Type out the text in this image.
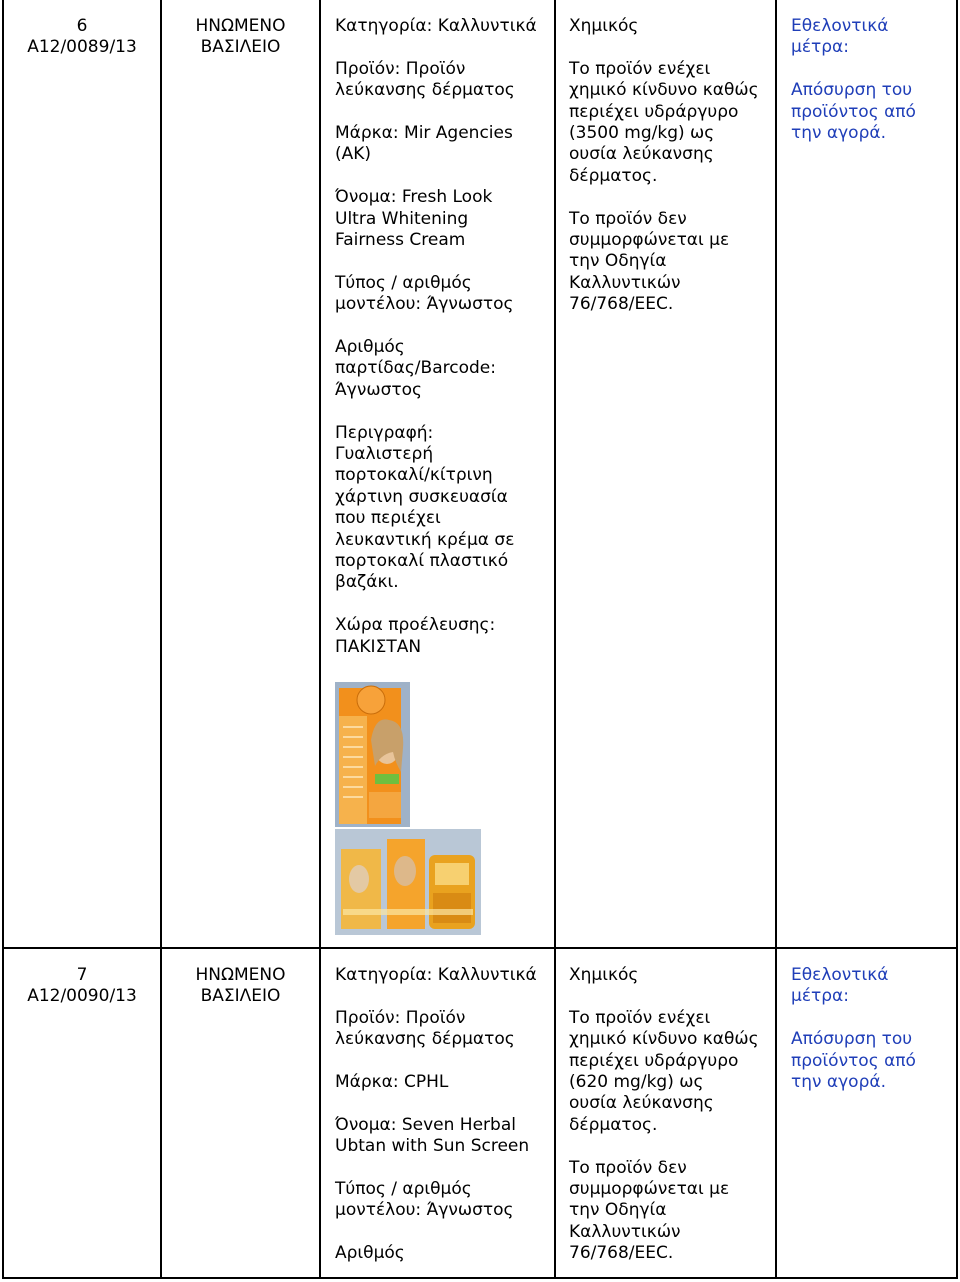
6
A12/0089/13
ΗΝΩΜΕΝΟ
ΒΑΣΙΛΕΙΟ
Κατηγορία: Καλλυντικά
Προϊόν: Προϊόν
λεύκανσης δέρματος
Μάρκα: Mir Agencies
(AK)
Όνομα: Fresh Look
Ultra Whitening
Fairness Cream
Τύπος / αριθμός
μοντέλου: Άγνωστος
Αριθμός
παρτίδας/Barcode:
Άγνωστος
Περιγραφή:
Γυαλιστερή
πορτοκαλί/κίτρινη
χάρτινη συσκευασία
που περιέχει
λευκαντική κρέμα σε
πορτοκαλί πλαστικό
βαζάκι.
Χώρα προέλευσης:
ΠΑΚΙΣΤΑΝ
Χημικός
Το προϊόν ενέχει
χημικό κίνδυνο καθώς
περιέχει υδράργυρο
(3500 mg/kg) ως
ουσία λεύκανσης
δέρματος.
Το προϊόν δεν
συμμορφώνεται με
την Οδηγία
Καλλυντικών
76/768/EEC.
Εθελοντικά
μέτρα:
Απόσυρση του
προϊόντος από
την αγορά.
7
A12/0090/13
ΗΝΩΜΕΝΟ
ΒΑΣΙΛΕΙΟ
Κατηγορία: Καλλυντικά
Προϊόν: Προϊόν
λεύκανσης δέρματος
Μάρκα: CPHL
Όνομα: Seven Herbal
Ubtan with Sun Screen
Τύπος / αριθμός
μοντέλου: Άγνωστος
Αριθμός
Χημικός
Το προϊόν ενέχει
χημικό κίνδυνο καθώς
περιέχει υδράργυρο
(620 mg/kg) ως
ουσία λεύκανσης
δέρματος.
Το προϊόν δεν
συμμορφώνεται με
την Οδηγία
Καλλυντικών
76/768/EEC.
Εθελοντικά
μέτρα:
Απόσυρση του
προϊόντος από
την αγορά.
